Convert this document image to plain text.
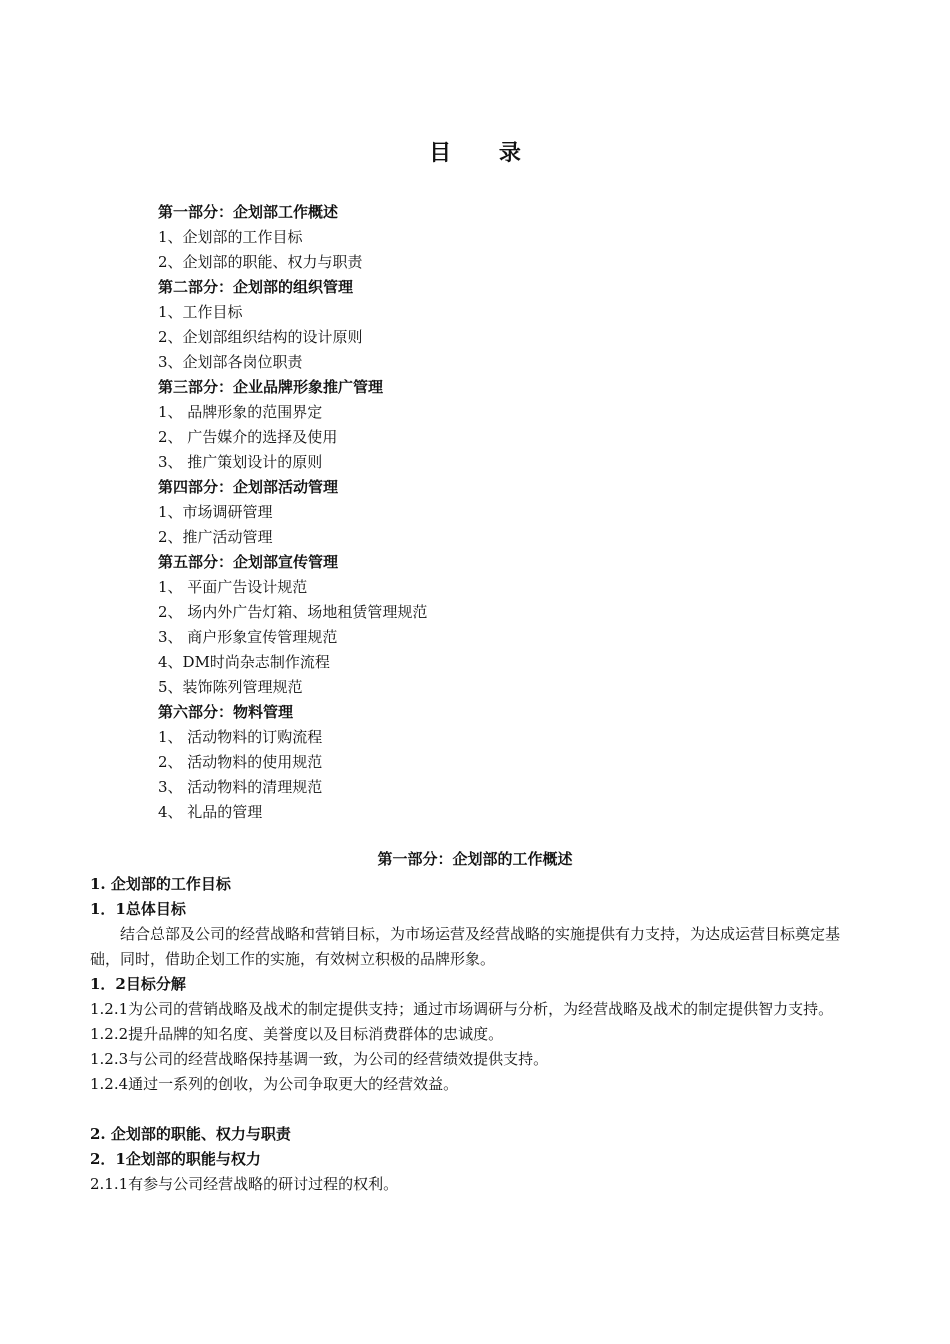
目 录
第一部分：企划部工作概述
1、企划部的工作目标
2、企划部的职能、权力与职责
第二部分：企划部的组织管理
1、工作目标
2、企划部组织结构的设计原则
3、企划部各岗位职责
第三部分：企业品牌形象推广管理
1、 品牌形象的范围界定
2、 广告媒介的选择及使用
3、 推广策划设计的原则
第四部分：企划部活动管理
1、市场调研管理
2、推广活动管理
第五部分：企划部宣传管理
1、 平面广告设计规范
2、 场内外广告灯箱、场地租赁管理规范
3、 商户形象宣传管理规范
4、DM时尚杂志制作流程
5、装饰陈列管理规范
第六部分：物料管理
1、 活动物料的订购流程
2、 活动物料的使用规范
3、 活动物料的清理规范
4、 礼品的管理
第一部分：企划部的工作概述
1. 企划部的工作目标
1．1总体目标
结合总部及公司的经营战略和营销目标，为市场运营及经营战略的实施提供有力支持，为达成运营目标奠定基础，同时，借助企划工作的实施，有效树立积极的品牌形象。
1．2目标分解
1.2.1为公司的营销战略及战术的制定提供支持；通过市场调研与分析，为经营战略及战术的制定提供智力支持。
1.2.2提升品牌的知名度、美誉度以及目标消费群体的忠诚度。
1.2.3与公司的经营战略保持基调一致，为公司的经营绩效提供支持。
1.2.4通过一系列的创收，为公司争取更大的经营效益。
2. 企划部的职能、权力与职责
2．1企划部的职能与权力
2.1.1有参与公司经营战略的研讨过程的权利。
